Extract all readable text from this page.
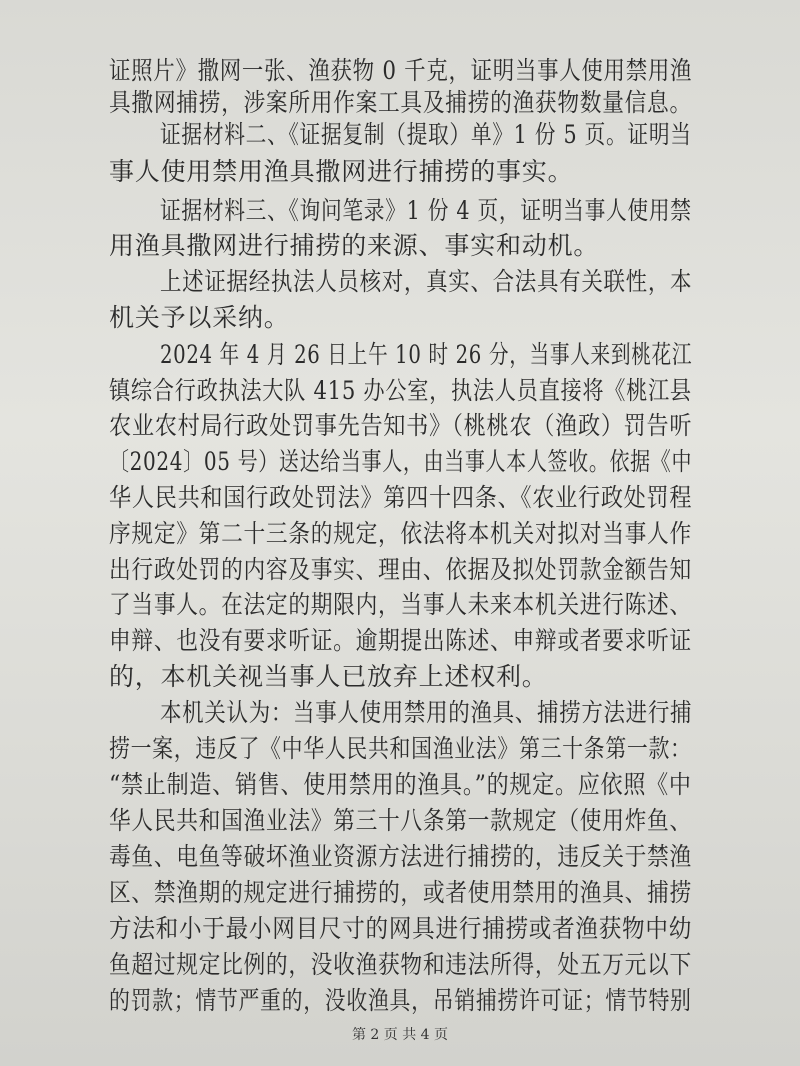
证照片》撒网一张、渔获物 0 千克，证明当事人使用禁用渔
具撒网捕捞，涉案所用作案工具及捕捞的渔获物数量信息。
证据材料二、《证据复制（提取）单》1 份 5 页。证明当
事人使用禁用渔具撒网进行捕捞的事实。
证据材料三、《询问笔录》1 份 4 页，证明当事人使用禁
用渔具撒网进行捕捞的来源、事实和动机。
上述证据经执法人员核对，真实、合法具有关联性，本
机关予以采纳。
2024 年 4 月 26 日上午 10 时 26 分，当事人来到桃花江
镇综合行政执法大队 415 办公室，执法人员直接将《桃江县
农业农村局行政处罚事先告知书》（桃桃农（渔政）罚告听
〔2024〕05 号）送达给当事人，由当事人本人签收。依据《中
华人民共和国行政处罚法》第四十四条、《农业行政处罚程
序规定》第二十三条的规定，依法将本机关对拟对当事人作
出行政处罚的内容及事实、理由、依据及拟处罚款金额告知
了当事人。在法定的期限内，当事人未来本机关进行陈述、
申辩、也没有要求听证。逾期提出陈述、申辩或者要求听证
的，本机关视当事人已放弃上述权利。
本机关认为：当事人使用禁用的渔具、捕捞方法进行捕
捞一案，违反了《中华人民共和国渔业法》第三十条第一款：
“禁止制造、销售、使用禁用的渔具。”的规定。应依照《中
华人民共和国渔业法》第三十八条第一款规定（使用炸鱼、
毒鱼、电鱼等破坏渔业资源方法进行捕捞的，违反关于禁渔
区、禁渔期的规定进行捕捞的，或者使用禁用的渔具、捕捞
方法和小于最小网目尺寸的网具进行捕捞或者渔获物中幼
鱼超过规定比例的，没收渔获物和违法所得，处五万元以下
的罚款；情节严重的，没收渔具，吊销捕捞许可证；情节特别
第 2 页 共 4 页
